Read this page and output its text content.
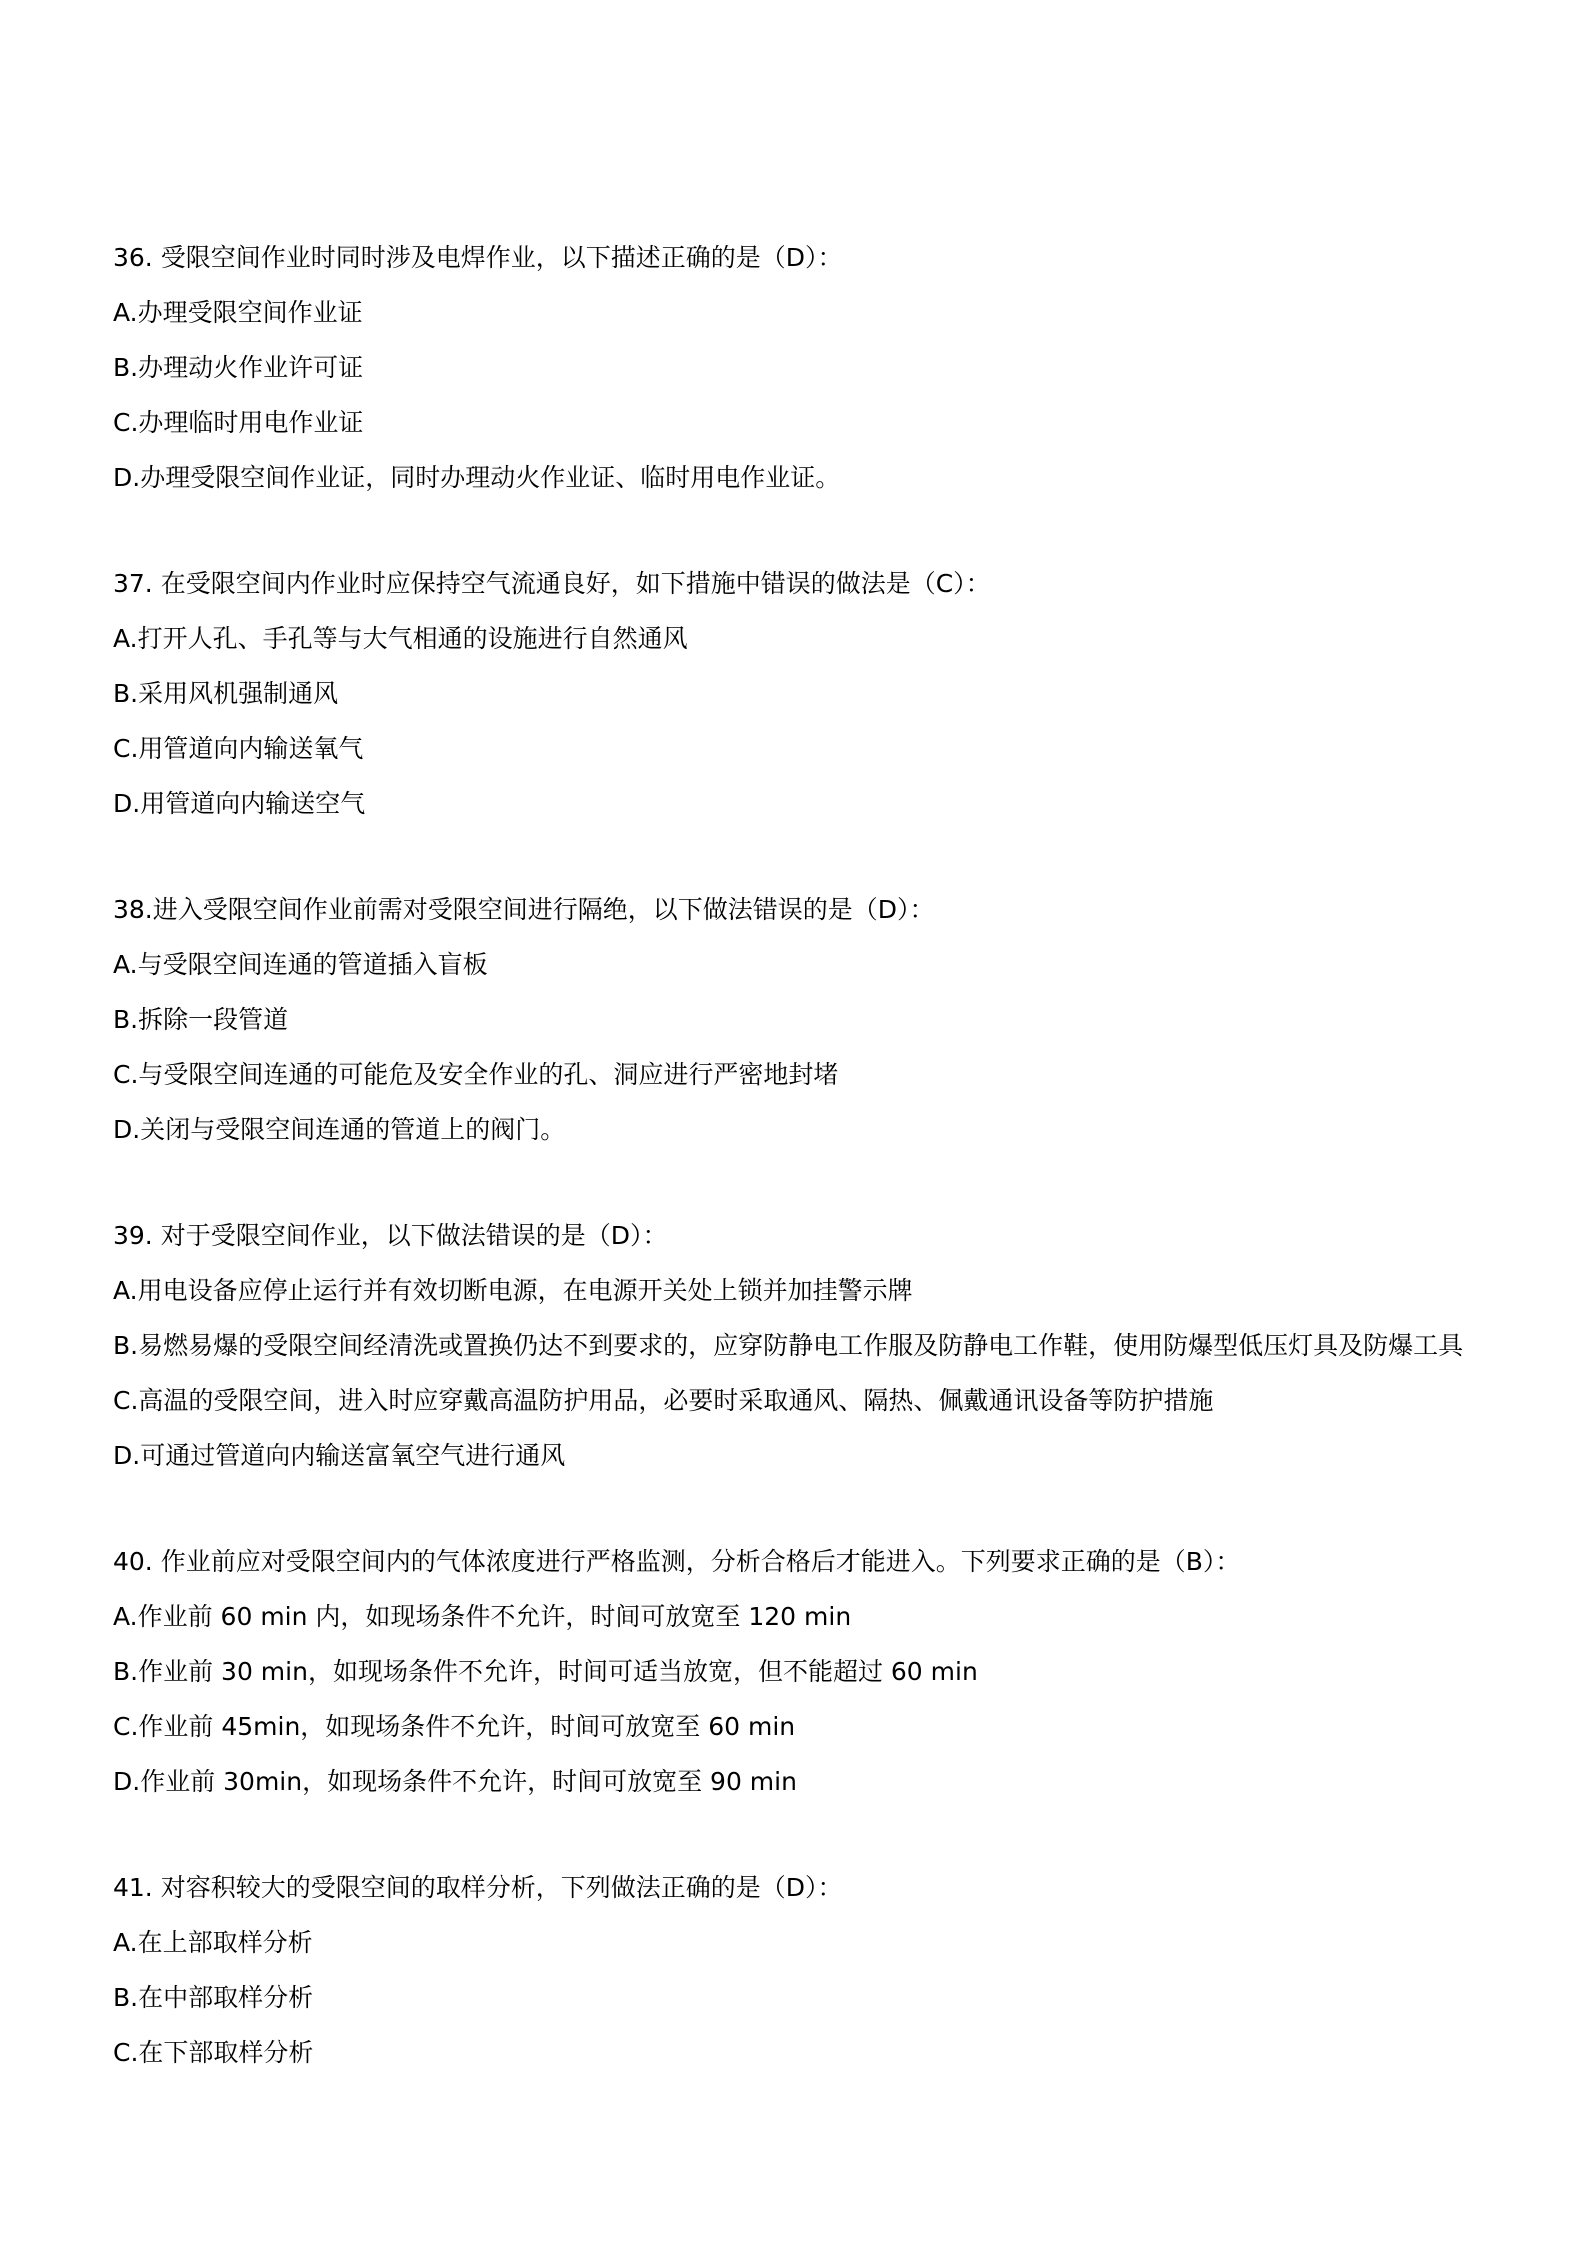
36. 受限空间作业时同时涉及电焊作业，以下描述正确的是（D）：
A.办理受限空间作业证
B.办理动火作业许可证
C.办理临时用电作业证
D.办理受限空间作业证，同时办理动火作业证、临时用电作业证。
37. 在受限空间内作业时应保持空气流通良好，如下措施中错误的做法是（C）：
A.打开人孔、手孔等与大气相通的设施进行自然通风
B.采用风机强制通风
C.用管道向内输送氧气
D.用管道向内输送空气
38.进入受限空间作业前需对受限空间进行隔绝，以下做法错误的是（D）：
A.与受限空间连通的管道插入盲板
B.拆除一段管道
C.与受限空间连通的可能危及安全作业的孔、洞应进行严密地封堵
D.关闭与受限空间连通的管道上的阀门。
39. 对于受限空间作业，以下做法错误的是（D）：
A.用电设备应停止运行并有效切断电源，在电源开关处上锁并加挂警示牌
B.易燃易爆的受限空间经清洗或置换仍达不到要求的，应穿防静电工作服及防静电工作鞋，使用防爆型低压灯具及防爆工具
C.高温的受限空间，进入时应穿戴高温防护用品，必要时采取通风、隔热、佩戴通讯设备等防护措施
D.可通过管道向内输送富氧空气进行通风
40. 作业前应对受限空间内的气体浓度进行严格监测，分析合格后才能进入。下列要求正确的是（B）：
A.作业前 60 min 内，如现场条件不允许，时间可放宽至 120 min
B.作业前 30 min，如现场条件不允许，时间可适当放宽，但不能超过 60 min
C.作业前 45min，如现场条件不允许，时间可放宽至 60 min
D.作业前 30min，如现场条件不允许，时间可放宽至 90 min
41. 对容积较大的受限空间的取样分析，下列做法正确的是（D）：
A.在上部取样分析
B.在中部取样分析
C.在下部取样分析
